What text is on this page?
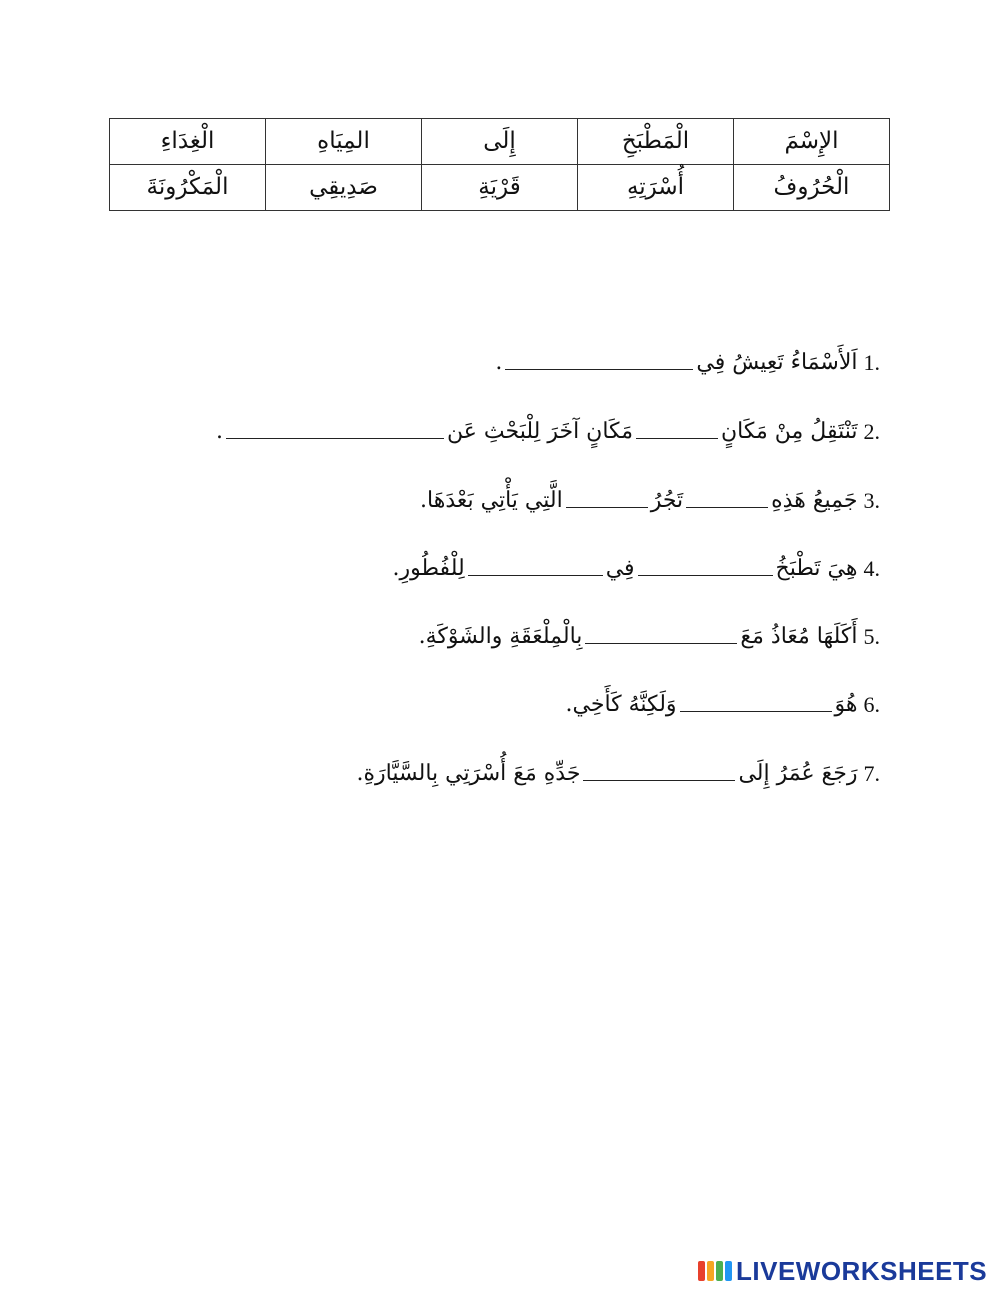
الْغِدَاءِ	المِيَاهِ	إِلَى	الْمَطْبَخِ	الإِسْمَ
الْمَكْرُونَةَ	صَدِيقِي	قَرْيَةِ	أُسْرَتِهِ	الْحُرُوفُ
1.
اَلأَسْمَاءُ تَعِيشُ فِي
.
2.
تَنْتَقِلُ مِنْ مَكَانٍ
مَكَانٍ آخَرَ لِلْبَحْثِ عَن
.
3.
جَمِيعُ هَذِهِ
تَجُرُ
الَّتِي يَأْتِي بَعْدَهَا.
4.
هِيَ تَطْبَخُ
فِي
لِلْفُطُورِ.
5.
أَكَلَهَا مُعَاذُ مَعَ
بِالْمِلْعَقَةِ والشَوْكَةِ.
6.
هُوَ
وَلَكِنَّهُ كَأَخِي.
7.
رَجَعَ عُمَرُ إِلَى
جَدِّهِ مَعَ أُسْرَتِي بِالسَّيَّارَةِ.
LIVEWORKSHEETS
